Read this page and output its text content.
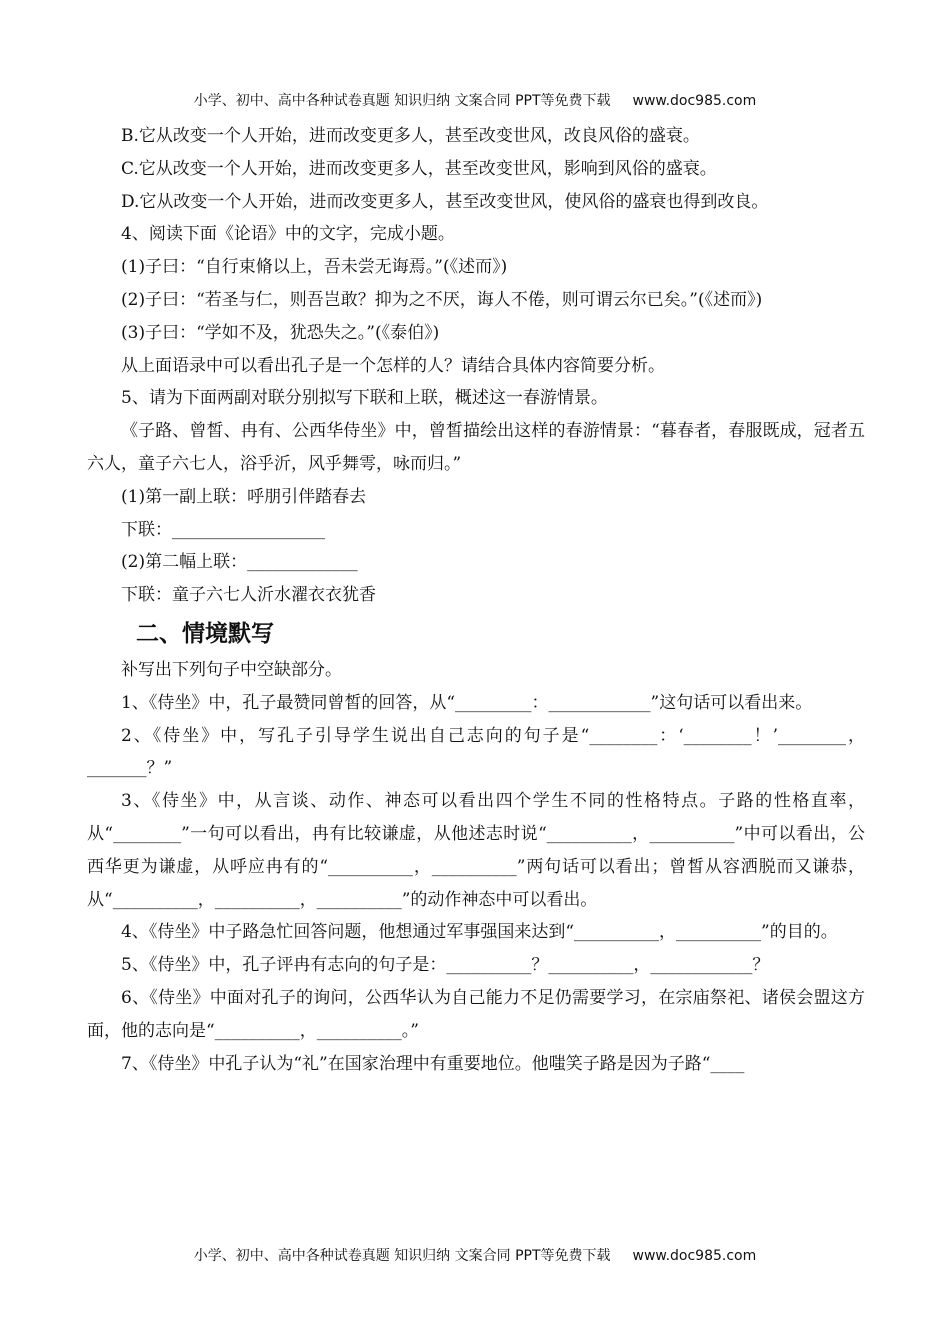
小学、初中、高中各种试卷真题 知识归纳 文案合同 PPT等免费下载 www.doc985.com

B.它从改变一个人开始，进而改变更多人，甚至改变世风，改良风俗的盛衰。

C.它从改变一个人开始，进而改变更多人，甚至改变世风，影响到风俗的盛衰。

D.它从改变一个人开始，进而改变更多人，甚至改变世风，使风俗的盛衰也得到改良。

4、阅读下面《论语》中的文字，完成小题。

(1)子曰：“自行束脩以上，吾未尝无诲焉。”(《述而》)

(2)子曰：“若圣与仁，则吾岂敢？抑为之不厌，诲人不倦，则可谓云尔已矣。”(《述而》)

(3)子曰：“学如不及，犹恐失之。”(《泰伯》)

从上面语录中可以看出孔子是一个怎样的人？请结合具体内容简要分析。

5、请为下面两副对联分别拟写下联和上联，概述这一春游情景。

《子路、曾皙、冉有、公西华侍坐》中，曾皙描绘出这样的春游情景：“暮春者，春服既成，冠者五六人，童子六七人，浴乎沂，风乎舞雩，咏而归。”

(1)第一副上联：呼朋引伴踏春去

下联：__________________

(2)第二幅上联：_____________

下联：童子六七人沂水濯衣衣犹香

二、情境默写

补写出下列句子中空缺部分。

1、《侍坐》中，孔子最赞同曾皙的回答，从“_________：____________”这句话可以看出来。

2、《侍坐》中，写孔子引导学生说出自己志向的句子是“________：‘________！’________，_______？”

3、《侍坐》中，从言谈、动作、神态可以看出四个学生不同的性格特点。子路的性格直率，从“________”一句可以看出，冉有比较谦虚，从他述志时说“__________，__________”中可以看出，公西华更为谦虚，从呼应冉有的“__________，__________”两句话可以看出；曾皙从容洒脱而又谦恭，从“__________，__________，__________”的动作神态中可以看出。

4、《侍坐》中子路急忙回答问题，他想通过军事强国来达到“__________，__________”的目的。

5、《侍坐》中，孔子评冉有志向的句子是：__________？__________，____________？

6、《侍坐》中面对孔子的询问，公西华认为自己能力不足仍需要学习，在宗庙祭祀、诸侯会盟这方面，他的志向是“__________，__________。”

7、《侍坐》中孔子认为“礼”在国家治理中有重要地位。他嗤笑子路是因为子路“____

小学、初中、高中各种试卷真题 知识归纳 文案合同 PPT等免费下载 www.doc985.com
